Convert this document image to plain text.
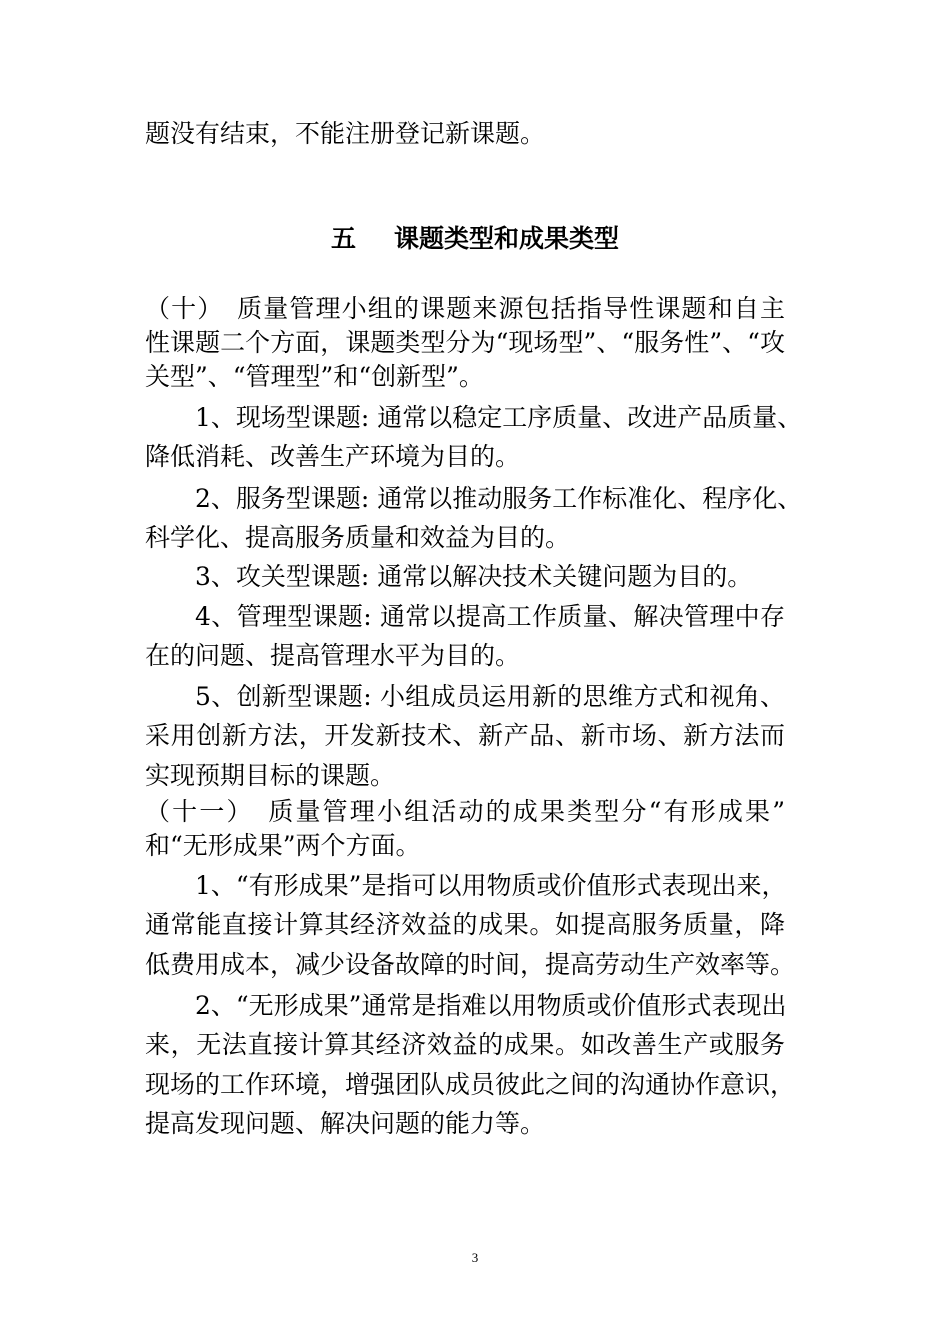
题没有结束，不能注册登记新课题。
五 课题类型和成果类型
（十）　质量管理小组的课题来源包括指导性课题和自主
性课题二个方面，课题类型分为“现场型”、“服务性”、“攻
关型”、“管理型”和“创新型”。
1、现场型课题: 通常以稳定工序质量、改进产品质量、
降低消耗、改善生产环境为目的。
2、服务型课题: 通常以推动服务工作标准化、程序化、
科学化、提高服务质量和效益为目的。
3、攻关型课题: 通常以解决技术关键问题为目的。
4、管理型课题: 通常以提高工作质量、解决管理中存
在的问题、提高管理水平为目的。
5、创新型课题: 小组成员运用新的思维方式和视角、
采用创新方法，开发新技术、新产品、新市场、新方法而
实现预期目标的课题。
（十一）　质量管理小组活动的成果类型分“有形成果”
和“无形成果”两个方面。
1、“有形成果”是指可以用物质或价值形式表现出来，
通常能直接计算其经济效益的成果。如提高服务质量，降
低费用成本，减少设备故障的时间，提高劳动生产效率等。
2、“无形成果”通常是指难以用物质或价值形式表现出
来，无法直接计算其经济效益的成果。如改善生产或服务
现场的工作环境，增强团队成员彼此之间的沟通协作意识，
提高发现问题、解决问题的能力等。
3
